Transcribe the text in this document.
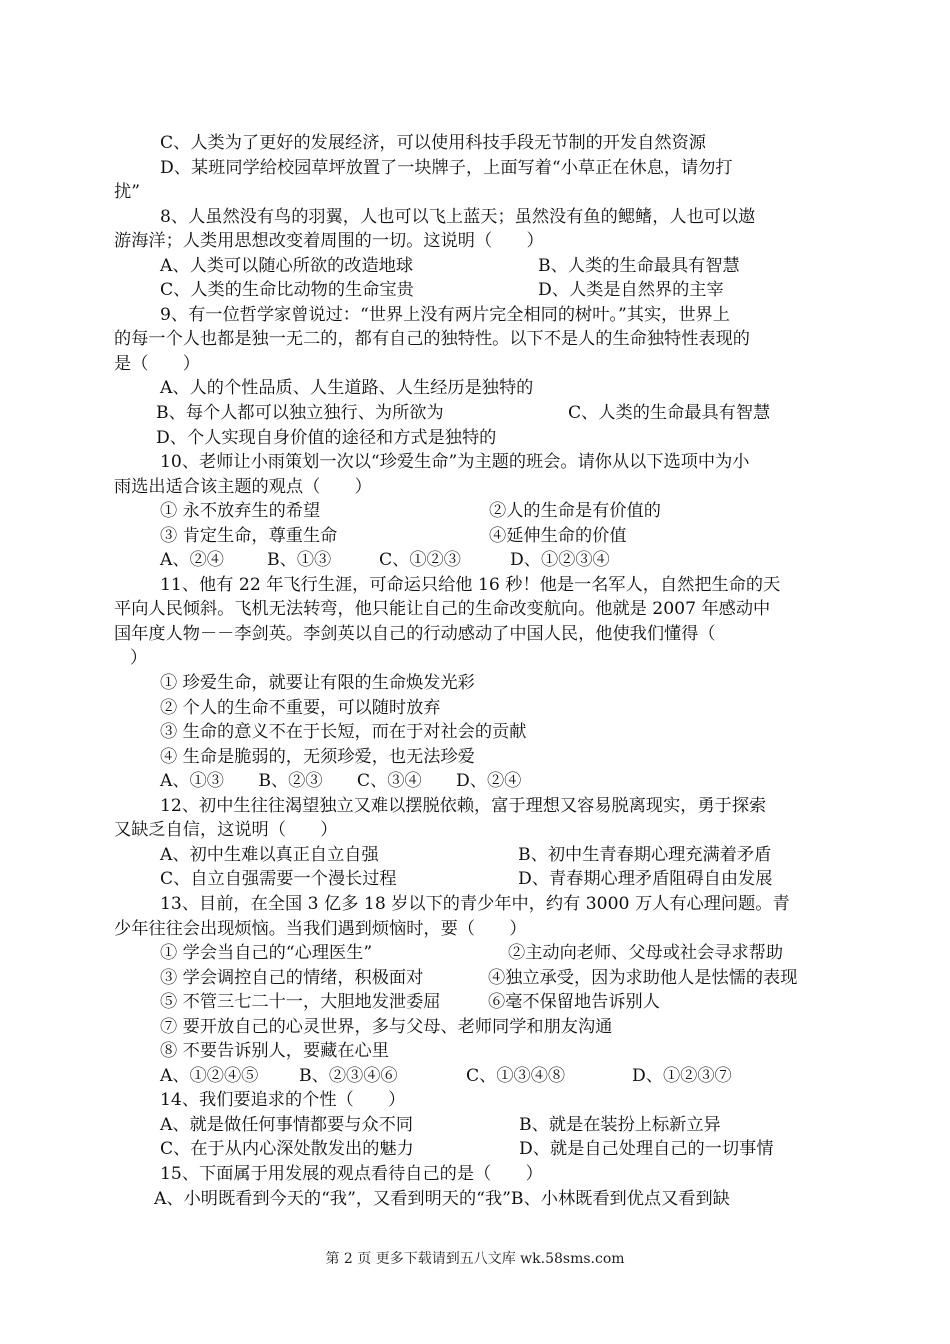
C、人类为了更好的发展经济，可以使用科技手段无节制的开发自然资源
D、某班同学给校园草坪放置了一块牌子，上面写着“小草正在休息，请勿打
扰”
8、人虽然没有鸟的羽翼，人也可以飞上蓝天；虽然没有鱼的鳃鳍，人也可以遨
游海洋；人类用思想改变着周围的一切。这说明（　　）
A、人类可以随心所欲的改造地球	B、人类的生命最具有智慧
C、人类的生命比动物的生命宝贵	D、人类是自然界的主宰
9、有一位哲学家曾说过：“世界上没有两片完全相同的树叶。”其实，世界上
的每一个人也都是独一无二的，都有自己的独特性。以下不是人的生命独特性表现的
是（　　）
A、人的个性品质、人生道路、人生经历是独特的
B、每个人都可以独立独行、为所欲为	C、人类的生命最具有智慧
D、个人实现自身价值的途径和方式是独特的
10、老师让小雨策划一次以“珍爱生命”为主题的班会。请你从以下选项中为小
雨选出适合该主题的观点（　　）
① 永不放弃生的希望	②人的生命是有价值的
③ 肯定生命，尊重生命	④延伸生命的价值
A、②④	B、①③	C、①②③	D、①②③④
11、他有 22 年飞行生涯，可命运只给他 16 秒！他是一名军人，自然把生命的天
平向人民倾斜。飞机无法转弯，他只能让自己的生命改变航向。他就是 2007 年感动中
国年度人物－－李剑英。李剑英以自己的行动感动了中国人民，他使我们懂得（
）
① 珍爱生命，就要让有限的生命焕发光彩
② 个人的生命不重要，可以随时放弃
③ 生命的意义不在于长短，而在于对社会的贡献
④ 生命是脆弱的，无须珍爱，也无法珍爱
A、①③　　B、②③　　C、③④　　D、②④
12、初中生往往渴望独立又难以摆脱依赖，富于理想又容易脱离现实，勇于探索
又缺乏自信，这说明（　　）
A、初中生难以真正自立自强	B、初中生青春期心理充满着矛盾
C、自立自强需要一个漫长过程	D、青春期心理矛盾阻碍自由发展
13、目前，在全国 3 亿多 18 岁以下的青少年中，约有 3000 万人有心理问题。青
少年往往会出现烦恼。当我们遇到烦恼时，要（　　）
① 学会当自己的“心理医生”	②主动向老师、父母或社会寻求帮助
③ 学会调控自己的情绪，积极面对	④独立承受，因为求助他人是怯懦的表现
⑤ 不管三七二十一，大胆地发泄委屈	⑥毫不保留地告诉别人
⑦ 要开放自己的心灵世界，多与父母、老师同学和朋友沟通
⑧ 不要告诉别人，要藏在心里
A、①②④⑤ B、②③④⑥	C、①③④⑧	D、①②③⑦
14、我们要追求的个性（　　）
A、就是做任何事情都要与众不同	B、就是在装扮上标新立异
C、在于从内心深处散发出的魅力	D、就是自己处理自己的一切事情
15、下面属于用发展的观点看待自己的是（　　）
A、小明既看到今天的“我”，又看到明天的“我”B、小林既看到优点又看到缺
第 2 页 更多下载请到五八文库 wk.58sms.com
